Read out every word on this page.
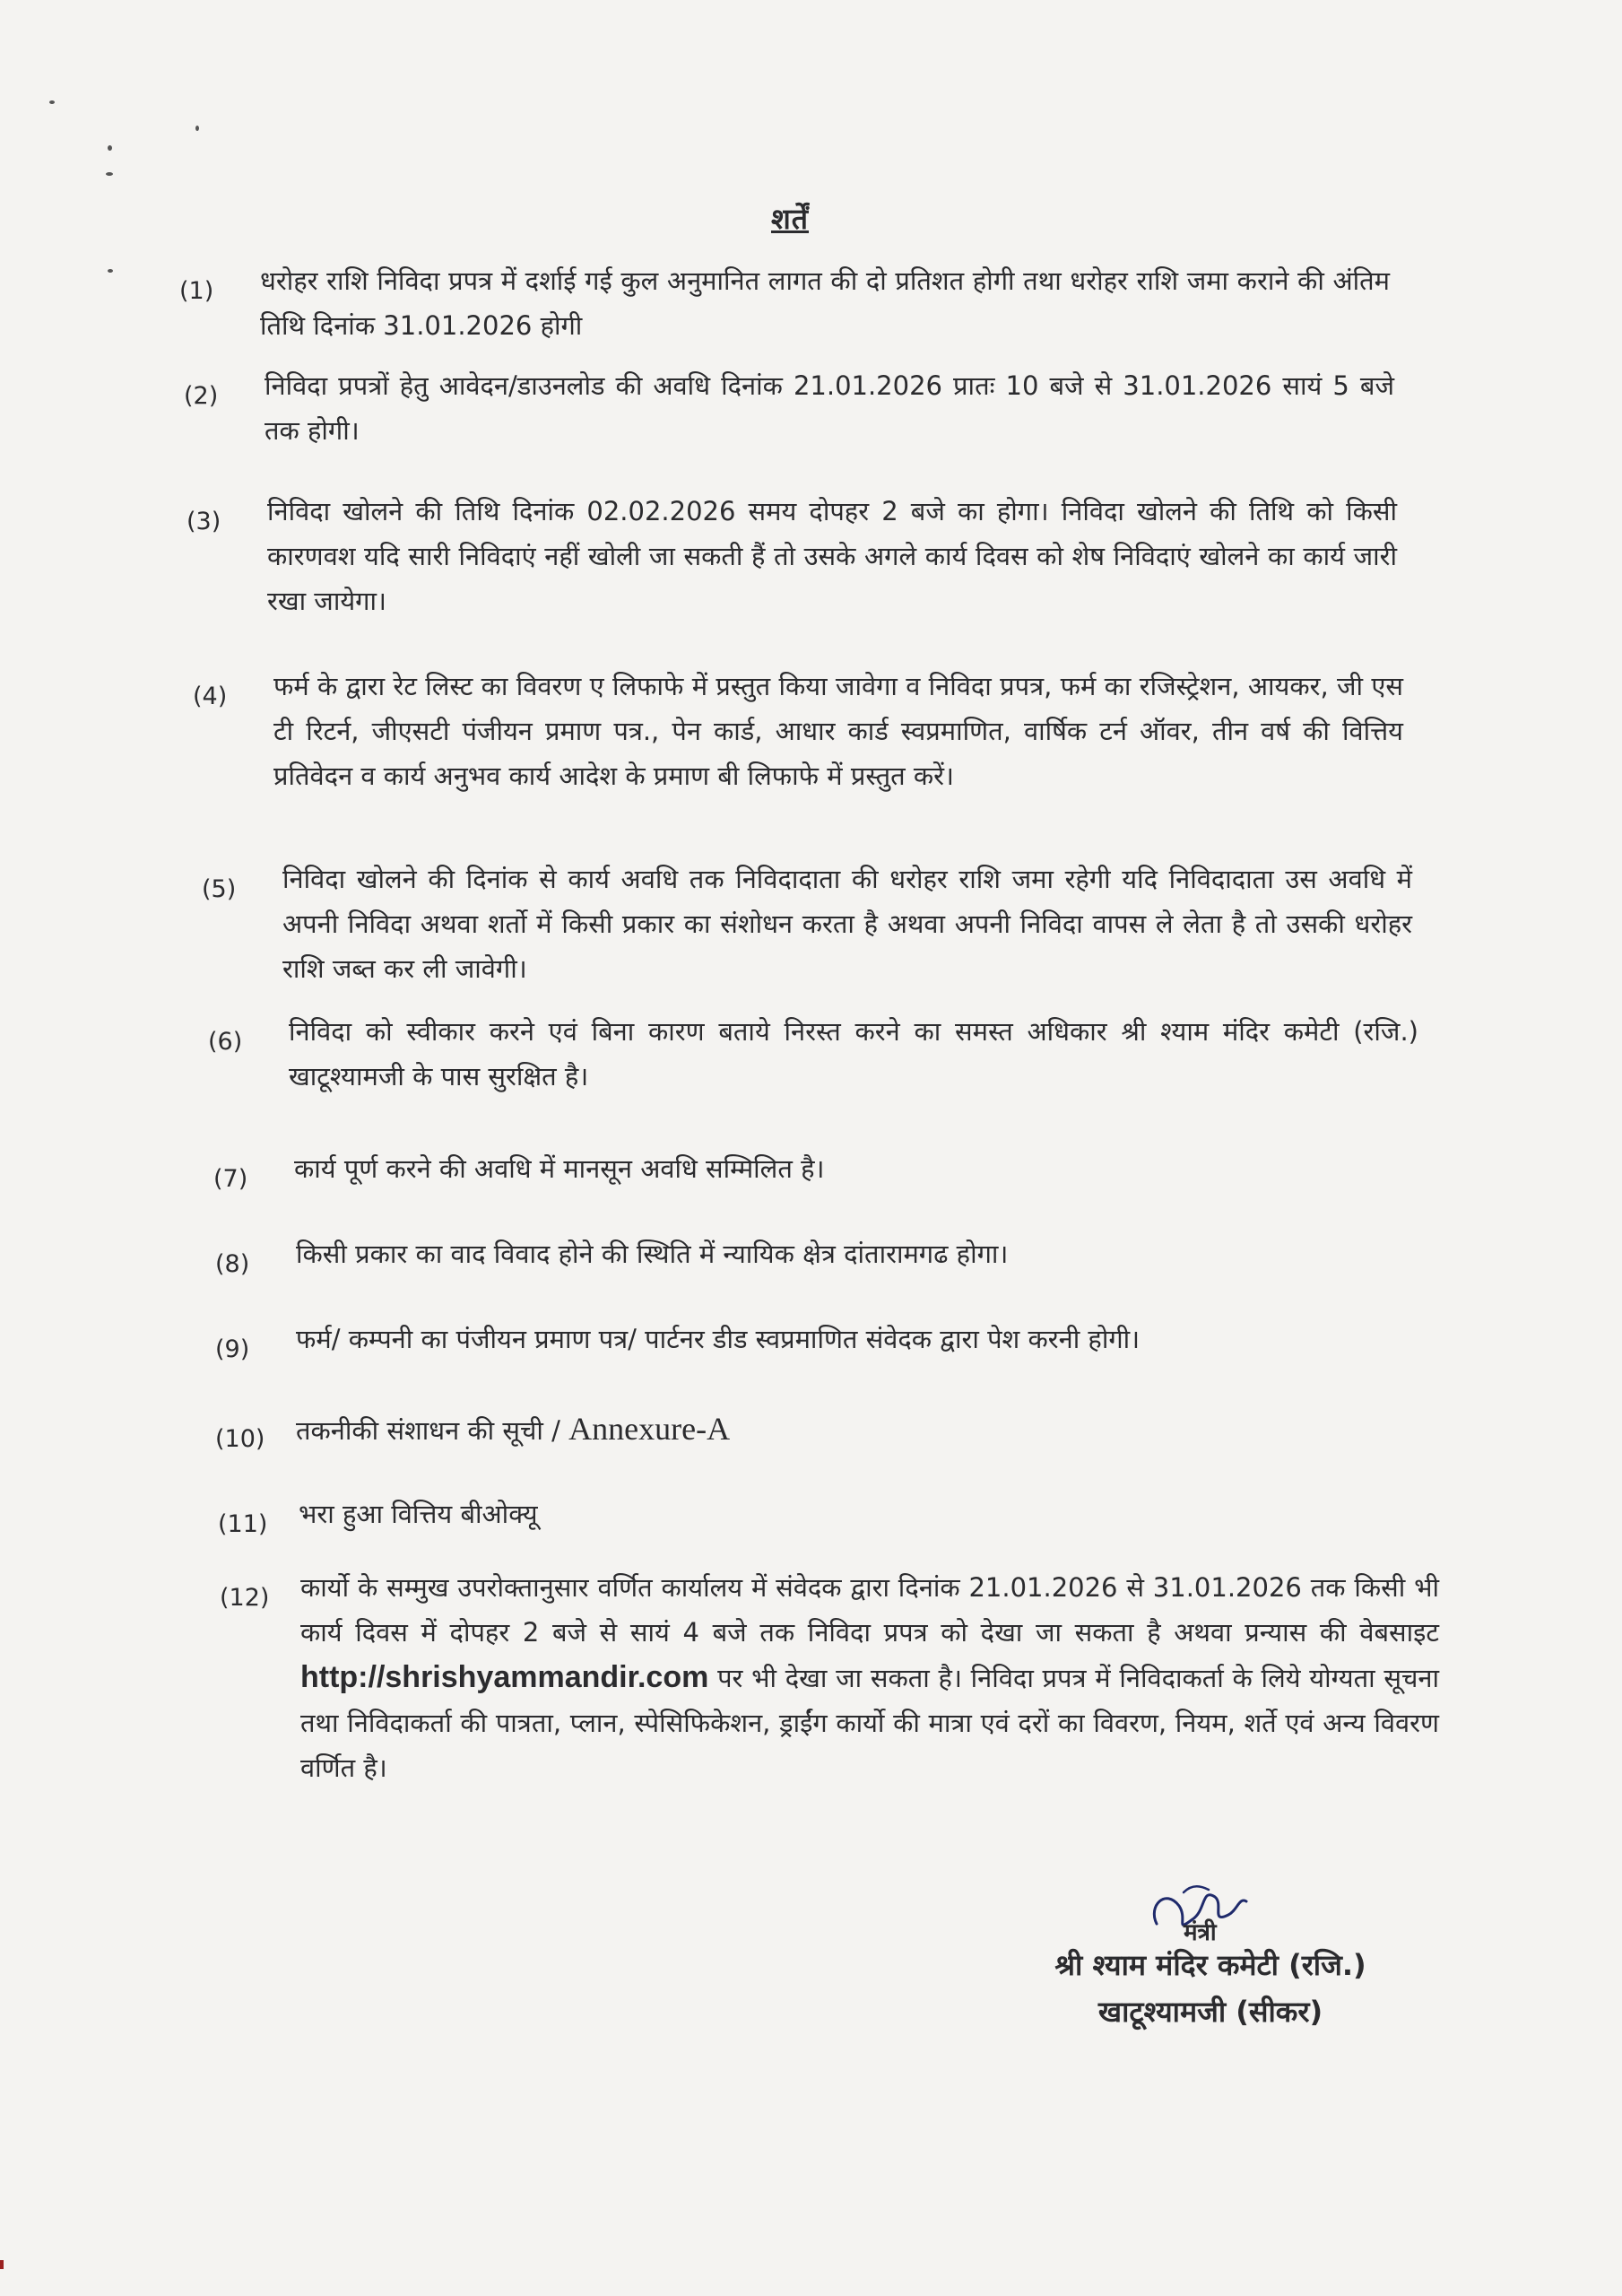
शर्तें
(1)	धरोहर राशि निविदा प्रपत्र में दर्शाई गई कुल अनुमानित लागत की दो प्रतिशत होगी तथा धरोहर राशि जमा कराने की अंतिम तिथि दिनांक 31.01.2026 होगी
(2)	निविदा प्रपत्रों हेतु आवेदन/डाउनलोड की अवधि दिनांक 21.01.2026 प्रातः 10 बजे से 31.01.2026 सायं 5 बजे तक होगी।
(3)	निविदा खोलने की तिथि दिनांक 02.02.2026 समय दोपहर 2 बजे का होगा। निविदा खोलने की तिथि को किसी कारणवश यदि सारी निविदाएं नहीं खोली जा सकती हैं तो उसके अगले कार्य दिवस को शेष निविदाएं खोलने का कार्य जारी रखा जायेगा।
(4)	फर्म के द्वारा रेट लिस्ट का विवरण ए लिफाफे में प्रस्तुत किया जावेगा व निविदा प्रपत्र, फर्म का रजिस्ट्रेशन, आयकर, जी एस टी रिटर्न, जीएसटी पंजीयन प्रमाण पत्र., पेन कार्ड, आधार कार्ड स्वप्रमाणित, वार्षिक टर्न ऑवर, तीन वर्ष की वित्तिय प्रतिवेदन व कार्य अनुभव कार्य आदेश के प्रमाण बी लिफाफे में प्रस्तुत करें।
(5)	निविदा खोलने की दिनांक से कार्य अवधि तक निविदादाता की धरोहर राशि जमा रहेगी यदि निविदादाता उस अवधि में अपनी निविदा अथवा शर्तो में किसी प्रकार का संशोधन करता है अथवा अपनी निविदा वापस ले लेता है तो उसकी धरोहर राशि जब्त कर ली जावेगी।
(6)	निविदा को स्वीकार करने एवं बिना कारण बताये निरस्त करने का समस्त अधिकार श्री श्याम मंदिर कमेटी (रजि.) खाटूश्यामजी के पास सुरक्षित है।
(7)	कार्य पूर्ण करने की अवधि में मानसून अवधि सम्मिलित है।
(8)	किसी प्रकार का वाद विवाद होने की स्थिति में न्यायिक क्षेत्र दांतारामगढ होगा।
(9)	फर्म/ कम्पनी का पंजीयन प्रमाण पत्र/ पार्टनर डीड स्वप्रमाणित संवेदक द्वारा पेश करनी होगी।
(10)	तकनीकी संशाधन की सूची / Annexure-A
(11)	भरा हुआ वित्तिय बीओक्यू
(12)	कार्यो के सम्मुख उपरोक्तानुसार वर्णित कार्यालय में संवेदक द्वारा दिनांक 21.01.2026 से 31.01.2026 तक किसी भी कार्य दिवस में दोपहर 2 बजे से सायं 4 बजे तक निविदा प्रपत्र को देखा जा सकता है अथवा प्रन्यास की वेबसाइट http://shrishyammandir.com पर भी देखा जा सकता है। निविदा प्रपत्र में निविदाकर्ता के लिये योग्यता सूचना तथा निविदाकर्ता की पात्रता, प्लान, स्पेसिफिकेशन, ड्राईंग कार्यो की मात्रा एवं दरों का विवरण, नियम, शर्ते एवं अन्य विवरण वर्णित है।
मंत्री
श्री श्याम मंदिर कमेटी (रजि.)
खाटूश्यामजी (सीकर)
